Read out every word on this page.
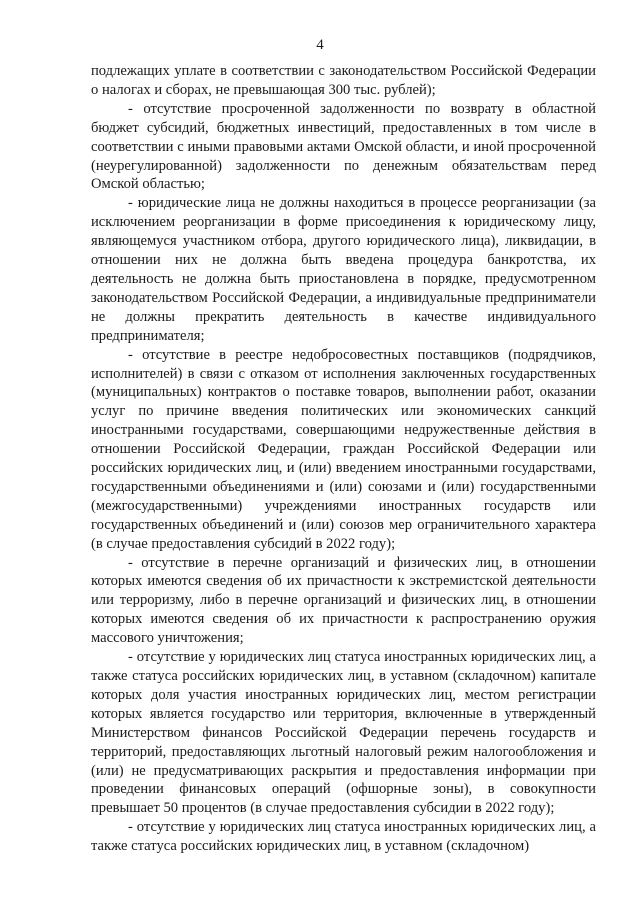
4

подлежащих уплате в соответствии с законодательством Российской Федерации о налогах и сборах, не превышающая 300 тыс. рублей);

- отсутствие просроченной задолженности по возврату в областной бюджет субсидий, бюджетных инвестиций, предоставленных в том числе в соответствии с иными правовыми актами Омской области, и иной просроченной (неурегулированной) задолженности по денежным обязательствам перед Омской областью;

- юридические лица не должны находиться в процессе реорганизации (за исключением реорганизации в форме присоединения к юридическому лицу, являющемуся участником отбора, другого юридического лица), ликвидации, в отношении них не должна быть введена процедура банкротства, их деятельность не должна быть приостановлена в порядке, предусмотренном законодательством Российской Федерации, а индивидуальные предприниматели не должны прекратить деятельность в качестве индивидуального предпринимателя;

- отсутствие в реестре недобросовестных поставщиков (подрядчиков, исполнителей) в связи с отказом от исполнения заключенных государственных (муниципальных) контрактов о поставке товаров, выполнении работ, оказании услуг по причине введения политических или экономических санкций иностранными государствами, совершающими недружественные действия в отношении Российской Федерации, граждан Российской Федерации или российских юридических лиц, и (или) введением иностранными государствами, государственными объединениями и (или) союзами и (или) государственными (межгосударственными) учреждениями иностранных государств или государственных объединений и (или) союзов мер ограничительного характера (в случае предоставления субсидий в 2022 году);

- отсутствие в перечне организаций и физических лиц, в отношении которых имеются сведения об их причастности к экстремистской деятельности или терроризму, либо в перечне организаций и физических лиц, в отношении которых имеются сведения об их причастности к распространению оружия массового уничтожения;

- отсутствие у юридических лиц статуса иностранных юридических лиц, а также статуса российских юридических лиц, в уставном (складочном) капитале которых доля участия иностранных юридических лиц, местом регистрации которых является государство или территория, включенные в утвержденный Министерством финансов Российской Федерации перечень государств и территорий, предоставляющих льготный налоговый режим налогообложения и (или) не предусматривающих раскрытия и предоставления информации при проведении финансовых операций (офшорные зоны), в совокупности превышает 50 процентов (в случае предоставления субсидии в 2022 году);

- отсутствие у юридических лиц статуса иностранных юридических лиц, а также статуса российских юридических лиц, в уставном (складочном)
